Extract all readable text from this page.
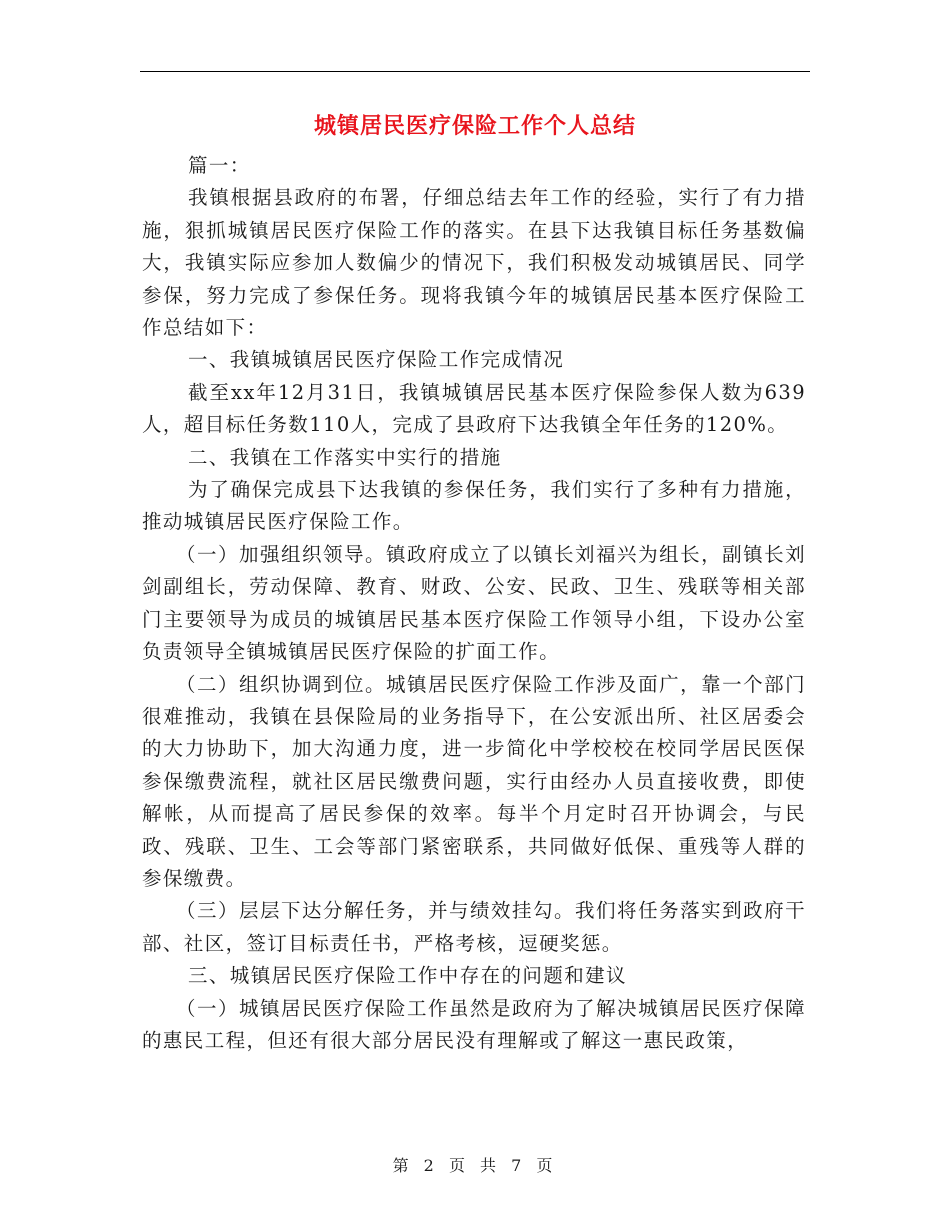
城镇居民医疗保险工作个人总结

篇一：

我镇根据县政府的布署，仔细总结去年工作的经验，实行了有力措施，狠抓城镇居民医疗保险工作的落实。在县下达我镇目标任务基数偏大，我镇实际应参加人数偏少的情况下，我们积极发动城镇居民、同学参保，努力完成了参保任务。现将我镇今年的城镇居民基本医疗保险工作总结如下：

一、我镇城镇居民医疗保险工作完成情况

截至xx年12月31日，我镇城镇居民基本医疗保险参保人数为639人，超目标任务数110人，完成了县政府下达我镇全年任务的120%。

二、我镇在工作落实中实行的措施

为了确保完成县下达我镇的参保任务，我们实行了多种有力措施，推动城镇居民医疗保险工作。

（一）加强组织领导。镇政府成立了以镇长刘福兴为组长，副镇长刘剑副组长，劳动保障、教育、财政、公安、民政、卫生、残联等相关部门主要领导为成员的城镇居民基本医疗保险工作领导小组，下设办公室负责领导全镇城镇居民医疗保险的扩面工作。

（二）组织协调到位。城镇居民医疗保险工作涉及面广，靠一个部门很难推动，我镇在县保险局的业务指导下，在公安派出所、社区居委会的大力协助下，加大沟通力度，进一步简化中学校校在校同学居民医保参保缴费流程，就社区居民缴费问题，实行由经办人员直接收费，即使解帐，从而提高了居民参保的效率。每半个月定时召开协调会，与民政、残联、卫生、工会等部门紧密联系，共同做好低保、重残等人群的参保缴费。

（三）层层下达分解任务，并与绩效挂勾。我们将任务落实到政府干部、社区，签订目标责任书，严格考核，逗硬奖惩。

三、城镇居民医疗保险工作中存在的问题和建议

（一）城镇居民医疗保险工作虽然是政府为了解决城镇居民医疗保障的惠民工程，但还有很大部分居民没有理解或了解这一惠民政策，

第 2 页 共 7 页
